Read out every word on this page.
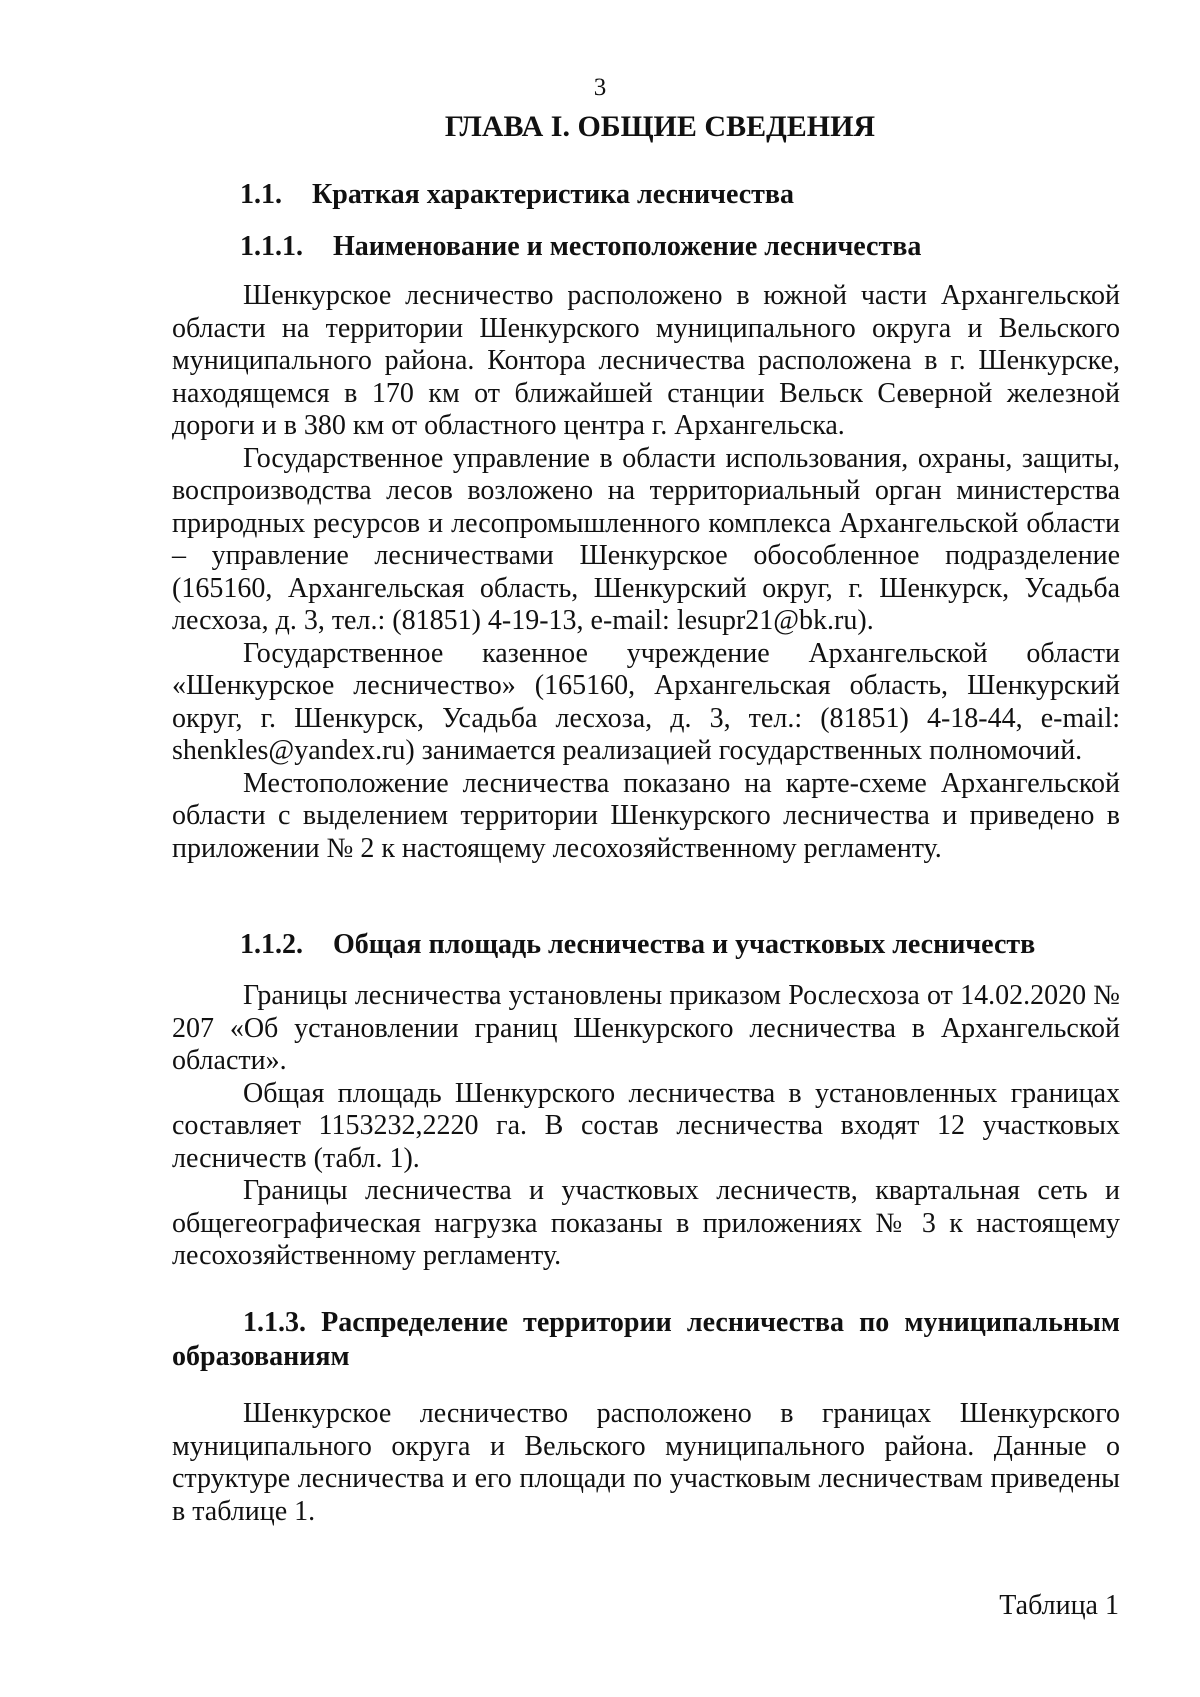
3
ГЛАВА I. ОБЩИЕ СВЕДЕНИЯ
1.1. Краткая характеристика лесничества
1.1.1. Наименование и местоположение лесничества

Шенкурское лесничество расположено в южной части Архангельской области на территории Шенкурского муниципального округа и Вельского муниципального района. Контора лесничества расположена в г. Шенкурске, находящемся в 170 км от ближайшей станции Вельск Северной железной дороги и в 380 км от областного центра г. Архангельска.

Государственное управление в области использования, охраны, защиты, воспроизводства лесов возложено на территориальный орган министерства природных ресурсов и лесопромышленного комплекса Архангельской области – управление лесничествами Шенкурское обособленное подразделение (165160, Архангельская область, Шенкурский округ, г. Шенкурск, Усадьба лесхоза, д. 3, тел.: (81851) 4-19-13, e-mail: lesupr21@bk.ru).

Государственное казенное учреждение Архангельской области «Шенкурское лесничество» (165160, Архангельская область, Шенкурский округ, г. Шенкурск, Усадьба лесхоза, д. 3, тел.: (81851) 4-18-44, e-mail: shenkles@yandex.ru) занимается реализацией государственных полномочий.

Местоположение лесничества показано на карте-схеме Архангельской области с выделением территории Шенкурского лесничества и приведено в приложении № 2 к настоящему лесохозяйственному регламенту.

1.1.2. Общая площадь лесничества и участковых лесничеств

Границы лесничества установлены приказом Рослесхоза от 14.02.2020 № 207 «Об установлении границ Шенкурского лесничества в Архангельской области».

Общая площадь Шенкурского лесничества в установленных границах составляет 1153232,2220 га. В состав лесничества входят 12 участковых лесничеств (табл. 1).

Границы лесничества и участковых лесничеств, квартальная сеть и общегеографическая нагрузка показаны в приложениях № 3 к настоящему лесохозяйственному регламенту.

1.1.3. Распределение территории лесничества по муниципальным образованиям

Шенкурское лесничество расположено в границах Шенкурского муниципального округа и Вельского муниципального района. Данные о структуре лесничества и его площади по участковым лесничествам приведены в таблице 1.

Таблица 1
